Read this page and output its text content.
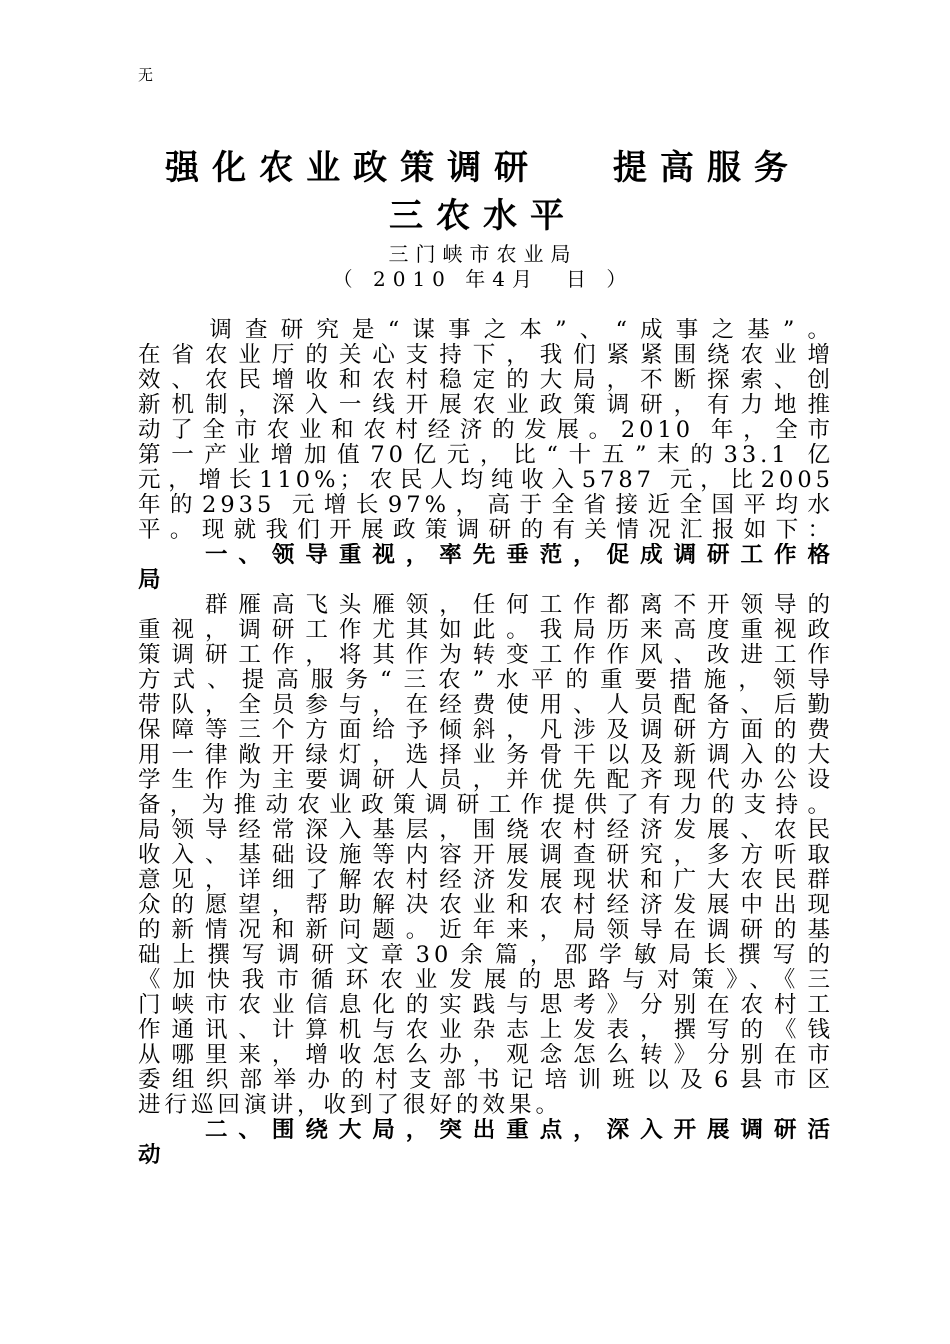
无
强化农业政策调研　 提高服务
三农水平
三门峡市农业局
（ 2010 年4月　日 ）
　　调查研究是“谋事之本”、“成事之基”。
在省农业厅的关心支持下，我们紧紧围绕农业增
效、农民增收和农村稳定的大局，不断探索、创
新机制，深入一线开展农业政策调研，有力地推
动了全市农业和农村经济的发展。2010 年，全市
第一产业增加值70亿元，比“十五”末的33.1 亿
元，增长110%；农民人均纯收入5787 元，比2005
年的2935 元增长97%，高于全省接近全国平均水
平。现就我们开展政策调研的有关情况汇报如下：
　　一、领导重视，率先垂范，促成调研工作格
局
　　群雁高飞头雁领，任何工作都离不开领导的
重视，调研工作尤其如此。我局历来高度重视政
策调研工作，将其作为转变工作作风、改进工作
方式、提高服务“三农”水平的重要措施，领导
带队，全员参与，在经费使用、人员配备、后勤
保障等三个方面给予倾斜，凡涉及调研方面的费
用一律敞开绿灯，选择业务骨干以及新调入的大
学生作为主要调研人员，并优先配齐现代办公设
备，为推动农业政策调研工作提供了有力的支持。
局领导经常深入基层，围绕农村经济发展、农民
收入、基础设施等内容开展调查研究，多方听取
意见，详细了解农村经济发展现状和广大农民群
众的愿望，帮助解决农业和农村经济发展中出现
的新情况和新问题。近年来，局领导在调研的基
础上撰写调研文章30余篇，邵学敏局长撰写的
《加快我市循环农业发展的思路与对策》、《三
门峡市农业信息化的实践与思考》分别在农村工
作通讯、计算机与农业杂志上发表，撰写的《钱
从哪里来，增收怎么办，观念怎么转》分别在市
委组织部举办的村支部书记培训班以及6县市区
进行巡回演讲，收到了很好的效果。
　　二、围绕大局，突出重点，深入开展调研活
动
